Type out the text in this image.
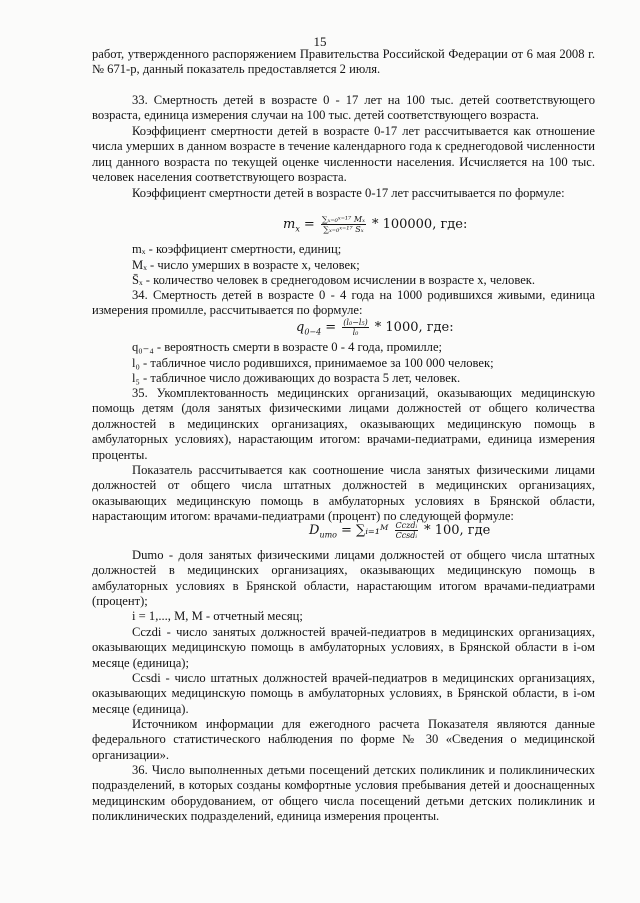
15

работ, утвержденного распоряжением Правительства Российской Федерации от 6 мая 2008 г. № 671-р, данный показатель предоставляется 2 июля.

33. Смертность детей в возрасте 0 - 17 лет на 100 тыс. детей соответствующего возраста, единица измерения случаи на 100 тыс. детей соответствующего возраста.

Коэффициент смертности детей в возрасте 0-17 лет рассчитывается как отношение числа умерших в данном возрасте в течение календарного года к среднегодовой численности лиц данного возраста по текущей оценке численности населения. Исчисляется на 100 тыс. человек населения соответствующего возраста.

Коэффициент смертности детей в возрасте 0-17 лет рассчитывается по формуле:

$m_x = \frac{\text{∑ₓ₌₀ˣ⁼¹⁷ Mₓ}}{\text{∑ₓ₌₀ˣ⁼¹⁷ S̄ₓ}} * 100000$, где:

mₓ - коэффициент смертности, единиц;

Mₓ - число умерших в возрасте x, человек;

S̄ₓ - количество человек в среднегодовом исчислении в возрасте x, человек.

34. Смертность детей в возрасте 0 - 4 года на 1000 родившихся живыми, единица измерения промилле, рассчитывается по формуле:

$q_{0-4} = \frac{\text{(l₀−l₅)}}{\text{l₀}} * 1000$, где:

q₀₋₄ - вероятность смерти в возрасте 0 - 4 года, промилле;

l₀ - табличное число родившихся, принимаемое за 100 000 человек;

l₅ - табличное число доживающих до возраста 5 лет, человек.

35. Укомплектованность медицинских организаций, оказывающих медицинскую помощь детям (доля занятых физическими лицами должностей от общего количества должностей в медицинских организациях, оказывающих медицинскую помощь в амбулаторных условиях), нарастающим итогом: врачами-педиатрами, единица измерения проценты.

Показатель рассчитывается как соотношение числа занятых физическими лицами должностей от общего числа штатных должностей в медицинских организациях, оказывающих медицинскую помощь в амбулаторных условиях в Брянской области, нарастающим итогом: врачами-педиатрами (процент) по следующей формуле:

$D_{umo}$ = ∑ᵢ₌₁ᴹ $\frac{\text{Cczdᵢ}}{\text{Ccsdᵢ}} * 100$, где

Dumo - доля занятых физическими лицами должностей от общего числа штатных должностей в медицинских организациях, оказывающих медицинскую помощь в амбулаторных условиях в Брянской области, нарастающим итогом врачами-педиатрами (процент);

i = 1,..., M, M - отчетный месяц;

Cczdi - число занятых должностей врачей-педиатров в медицинских организациях, оказывающих медицинскую помощь в амбулаторных условиях, в Брянской области в i-ом месяце (единица);

Ccsdi - число штатных должностей врачей-педиатров в медицинских организациях, оказывающих медицинскую помощь в амбулаторных условиях, в Брянской области, в i-ом месяце (единица).

Источником информации для ежегодного расчета Показателя являются данные федерального статистического наблюдения по форме № 30 «Сведения о медицинской организации».

36. Число выполненных детьми посещений детских поликлиник и поликлинических подразделений, в которых созданы комфортные условия пребывания детей и дооснащенных медицинским оборудованием, от общего числа посещений детьми детских поликлиник и поликлинических подразделений, единица измерения проценты.
